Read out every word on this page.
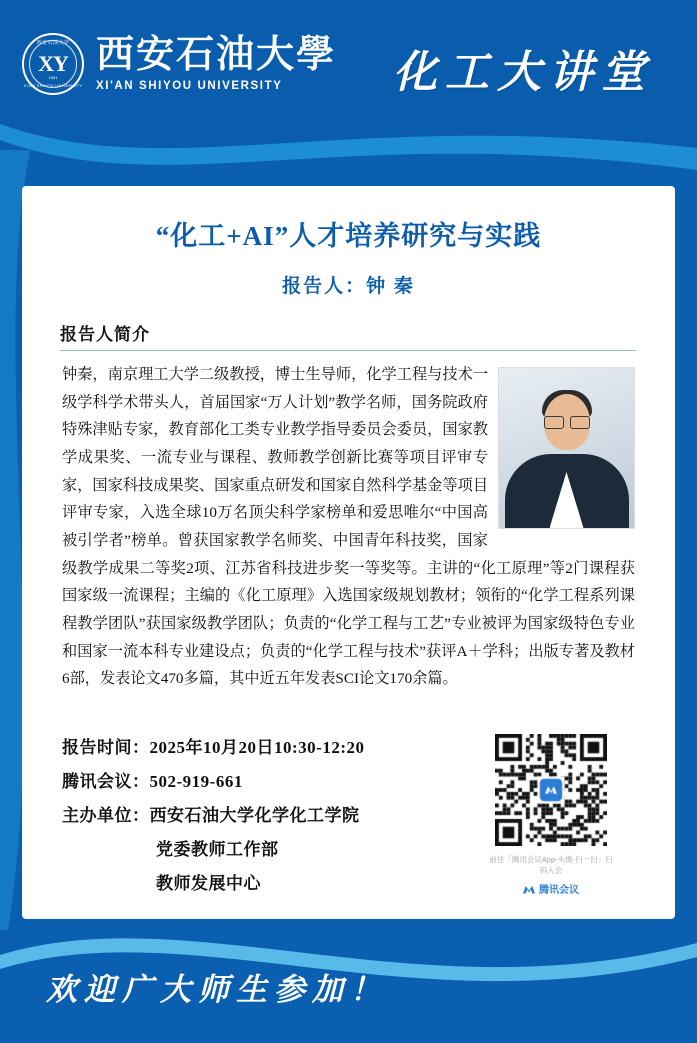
西安石油大学
XY
1951
XI'AN SHIYOU UNIVERSITY
西安石油大學
XI'AN SHIYOU UNIVERSITY	化工大讲堂
“化工+AI”人才培养研究与实践
报告人：钟 秦
报告人简介
钟秦，南京理工大学二级教授，博士生导师，化学工程与技术一级学科学术带头人，首届国家“万人计划”教学名师，国务院政府特殊津贴专家，教育部化工类专业教学指导委员会委员，国家教学成果奖、一流专业与课程、教师教学创新比赛等项目评审专家，国家科技成果奖、国家重点研发和国家自然科学基金等项目评审专家，入选全球10万名顶尖科学家榜单和爱思唯尔“中国高被引学者”榜单。曾获国家教学名师奖、中国青年科技奖，国家级教学成果二等奖2项、江苏省科技进步奖一等奖等。主讲的“化工原理”等2门课程获国家级一流课程；主编的《化工原理》入选国家级规划教材；领衔的“化学工程系列课程教学团队”获国家级教学团队；负责的“化学工程与工艺”专业被评为国家级特色专业和国家一流本科专业建设点；负责的“化学工程与技术”获评A＋学科；出版专著及教材6部，发表论文470多篇，其中近五年发表SCI论文170余篇。
报告时间：2025年10月20日10:30-12:20
腾讯会议：502-919-661
主办单位：西安石油大学化学化工学院
党委教师工作部
教师发展中心
前往「腾讯会议App-头像-扫一扫」扫码入会
腾讯会议
欢迎广大师生参加！
